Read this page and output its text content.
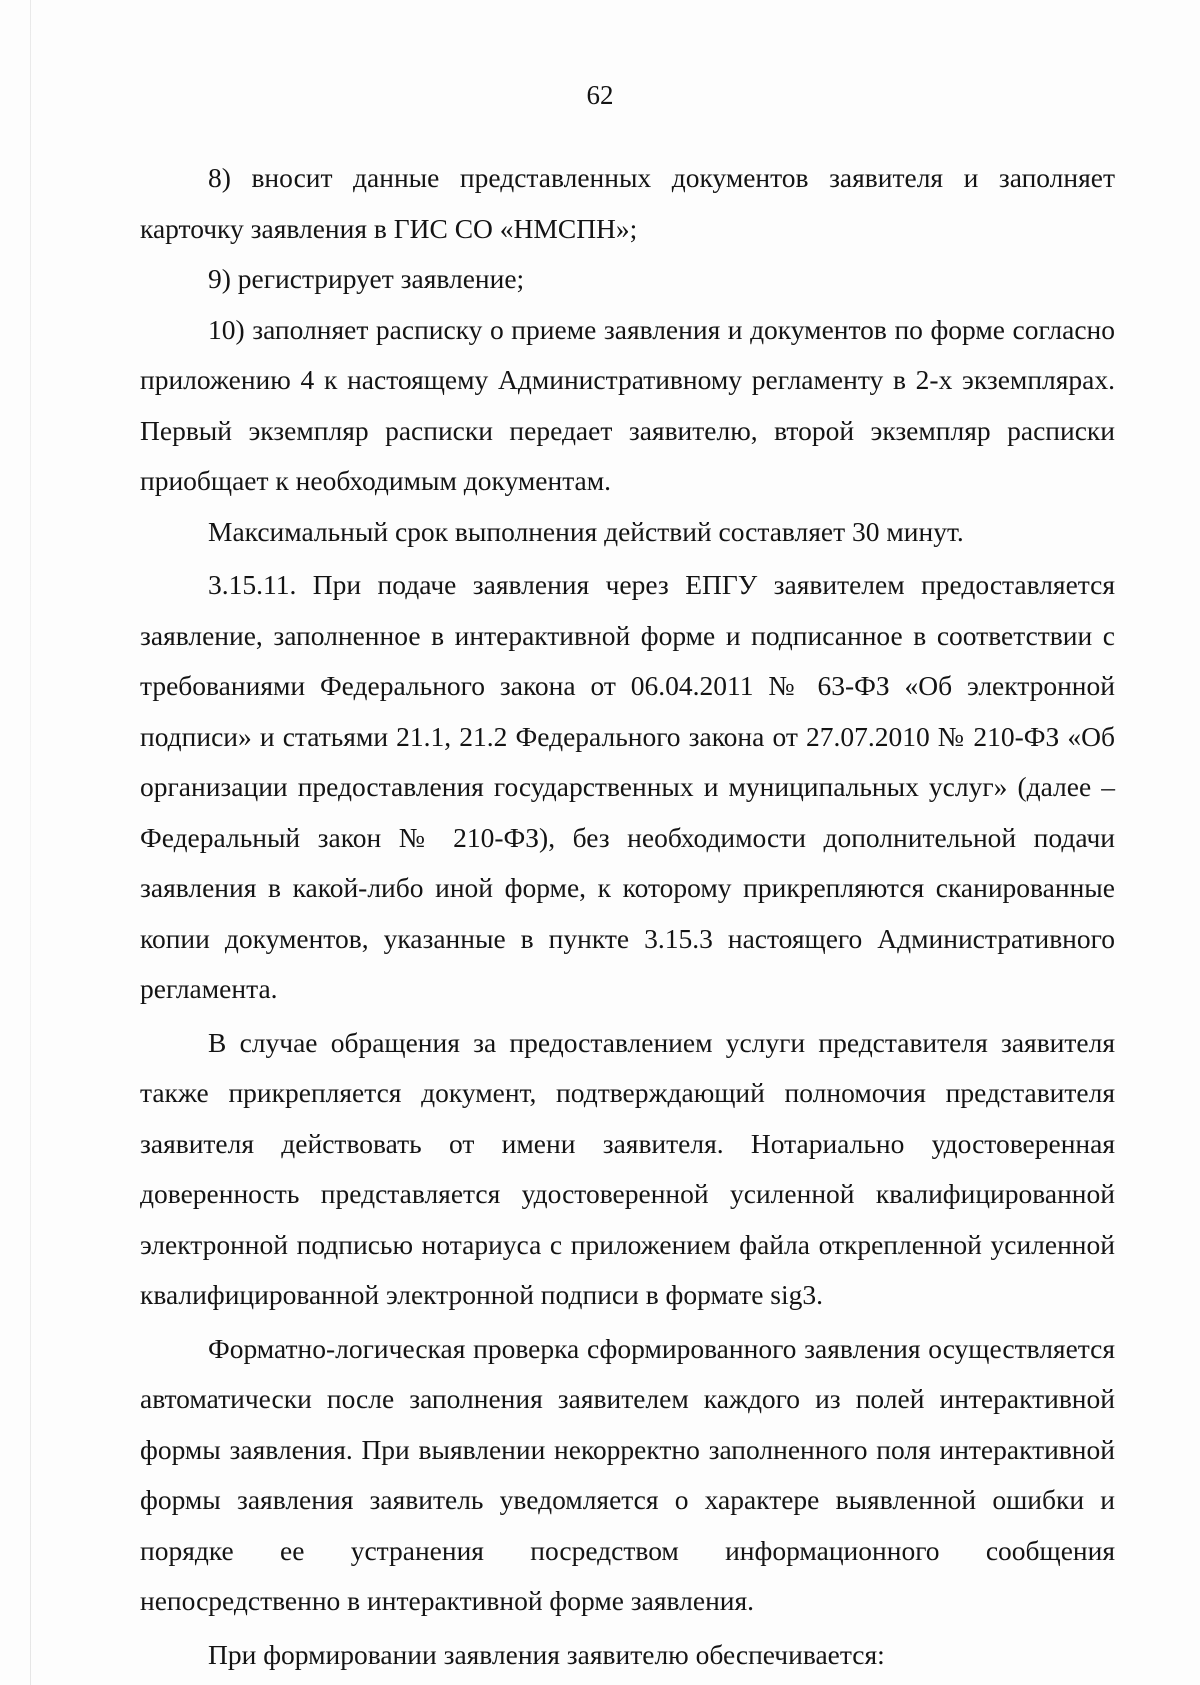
62

8) вносит данные представленных документов заявителя и заполняет карточку заявления в ГИС СО «НМСПН»;

9) регистрирует заявление;

10) заполняет расписку о приеме заявления и документов по форме согласно приложению 4 к настоящему Административному регламенту в 2-х экземплярах. Первый экземпляр расписки передает заявителю, второй экземпляр расписки приобщает к необходимым документам.

Максимальный срок выполнения действий составляет 30 минут.

3.15.11. При подаче заявления через ЕПГУ заявителем предоставляется заявление, заполненное в интерактивной форме и подписанное в соответствии с требованиями Федерального закона от 06.04.2011 № 63-ФЗ «Об электронной подписи» и статьями 21.1, 21.2 Федерального закона от 27.07.2010 № 210-ФЗ «Об организации предоставления государственных и муниципальных услуг» (далее – Федеральный закон № 210-ФЗ), без необходимости дополнительной подачи заявления в какой-либо иной форме, к которому прикрепляются сканированные копии документов, указанные в пункте 3.15.3 настоящего Административного регламента.

В случае обращения за предоставлением услуги представителя заявителя также прикрепляется документ, подтверждающий полномочия представителя заявителя действовать от имени заявителя. Нотариально удостоверенная доверенность представляется удостоверенной усиленной квалифицированной электронной подписью нотариуса с приложением файла открепленной усиленной квалифицированной электронной подписи в формате sig3.

Форматно-логическая проверка сформированного заявления осуществляется автоматически после заполнения заявителем каждого из полей интерактивной формы заявления. При выявлении некорректно заполненного поля интерактивной формы заявления заявитель уведомляется о характере выявленной ошибки и порядке ее устранения посредством информационного сообщения непосредственно в интерактивной форме заявления.

При формировании заявления заявителю обеспечивается:
